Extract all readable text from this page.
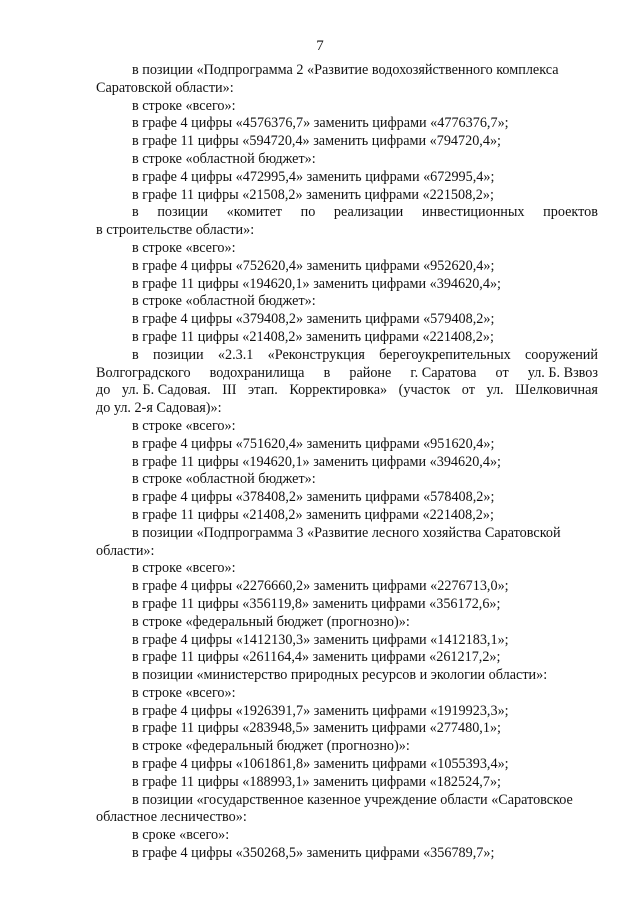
7
в позиции «Подпрограмма 2 «Развитие водохозяйственного комплекса
Саратовской области»:
в строке «всего»:
в графе 4 цифры «4576376,7» заменить цифрами «4776376,7»;
в графе 11 цифры «594720,4» заменить цифрами «794720,4»;
в строке «областной бюджет»:
в графе 4 цифры «472995,4» заменить цифрами «672995,4»;
в графе 11 цифры «21508,2» заменить цифрами «221508,2»;
в позиции «комитет по реализации инвестиционных проектов
в строительстве области»:
в строке «всего»:
в графе 4 цифры «752620,4» заменить цифрами «952620,4»;
в графе 11 цифры «194620,1» заменить цифрами «394620,4»;
в строке «областной бюджет»:
в графе 4 цифры «379408,2» заменить цифрами «579408,2»;
в графе 11 цифры «21408,2» заменить цифрами «221408,2»;
в позиции «2.3.1 «Реконструкция берегоукрепительных сооружений
Волгоградского водохранилища в районе г. Саратова от ул. Б. Взвоз
до ул. Б. Садовая. III этап. Корректировка» (участок от ул. Шелковичная
до ул. 2-я Садовая)»:
в строке «всего»:
в графе 4 цифры «751620,4» заменить цифрами «951620,4»;
в графе 11 цифры «194620,1» заменить цифрами «394620,4»;
в строке «областной бюджет»:
в графе 4 цифры «378408,2» заменить цифрами «578408,2»;
в графе 11 цифры «21408,2» заменить цифрами «221408,2»;
в позиции «Подпрограмма 3 «Развитие лесного хозяйства Саратовской
области»:
в строке «всего»:
в графе 4 цифры «2276660,2» заменить цифрами «2276713,0»;
в графе 11 цифры «356119,8» заменить цифрами «356172,6»;
в строке «федеральный бюджет (прогнозно)»:
в графе 4 цифры «1412130,3» заменить цифрами «1412183,1»;
в графе 11 цифры «261164,4» заменить цифрами «261217,2»;
в позиции «министерство природных ресурсов и экологии области»:
в строке «всего»:
в графе 4 цифры «1926391,7» заменить цифрами «1919923,3»;
в графе 11 цифры «283948,5» заменить цифрами «277480,1»;
в строке «федеральный бюджет (прогнозно)»:
в графе 4 цифры «1061861,8» заменить цифрами «1055393,4»;
в графе 11 цифры «188993,1» заменить цифрами «182524,7»;
в позиции «государственное казенное учреждение области «Саратовское
областное лесничество»:
в сроке «всего»:
в графе 4 цифры «350268,5» заменить цифрами «356789,7»;
